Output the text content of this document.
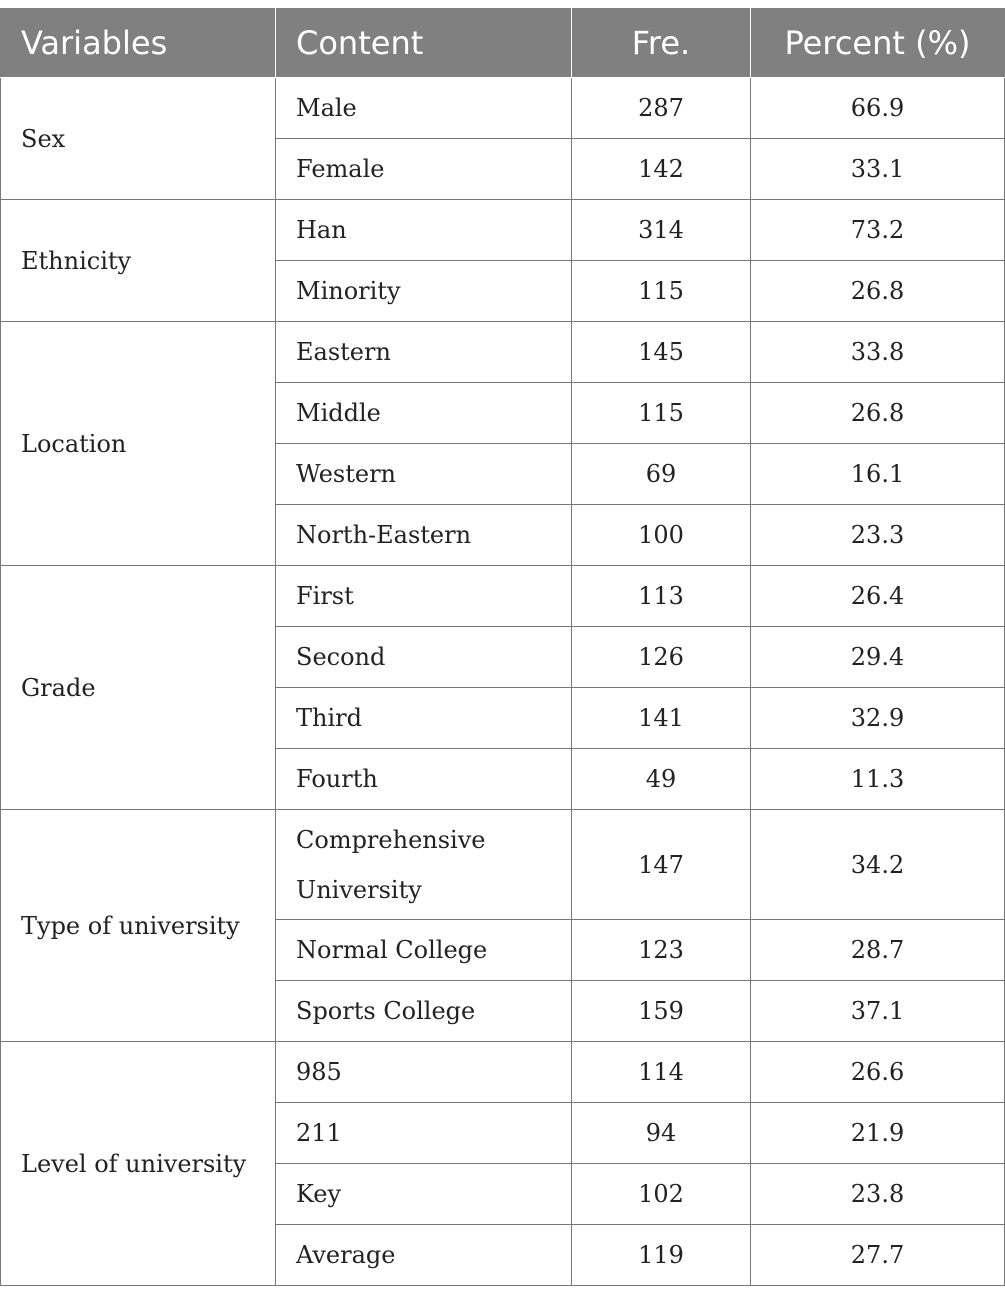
Variables	Content	Fre.	Percent (%)
Sex	Male	287	66.9
	Female	142	33.1
Ethnicity	Han	314	73.2
	Minority	115	26.8
Location	Eastern	145	33.8
	Middle	115	26.8
	Western	69	16.1
	North-Eastern	100	23.3
Grade	First	113	26.4
	Second	126	29.4
	Third	141	32.9
	Fourth	49	11.3
Type of university	Comprehensive University	147	34.2
	Normal College	123	28.7
	Sports College	159	37.1
Level of university	985	114	26.6
	211	94	21.9
	Key	102	23.8
	Average	119	27.7
